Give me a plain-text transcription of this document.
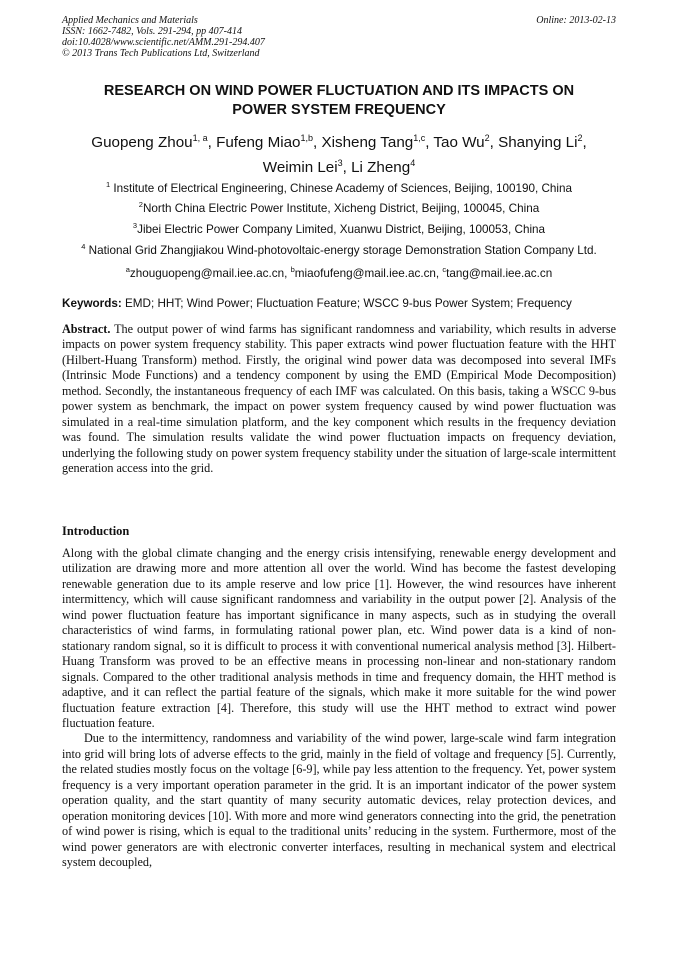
Applied Mechanics and Materials
ISSN: 1662-7482, Vols. 291-294, pp 407-414
doi:10.4028/www.scientific.net/AMM.291-294.407
© 2013 Trans Tech Publications Ltd, Switzerland
Online: 2013-02-13
RESEARCH ON WIND POWER FLUCTUATION AND ITS IMPACTS ON
POWER SYSTEM FREQUENCY
Guopeng Zhou$^{1, a}$, Fufeng Miao$^{1,b}$, Xisheng Tang$^{1,c}$, Tao Wu$^2$, Shanying Li$^2$,
Weimin Lei$^3$, Li Zheng$^4$
$^1$ Institute of Electrical Engineering, Chinese Academy of Sciences, Beijing, 100190, China
$^2$North China Electric Power Institute, Xicheng District, Beijing, 100045, China
$^3$Jibei Electric Power Company Limited, Xuanwu District, Beijing, 100053, China
$^4$ National Grid Zhangjiakou Wind-photovoltaic-energy storage Demonstration Station Company Ltd.
$^a$zhouguopeng@mail.iee.ac.cn, $^b$miaofufeng@mail.iee.ac.cn, $^c$tang@mail.iee.ac.cn
Keywords: EMD; HHT; Wind Power; Fluctuation Feature; WSCC 9-bus Power System; Frequency

Abstract. The output power of wind farms has significant randomness and variability, which results in adverse impacts on power system frequency stability. This paper extracts wind power fluctuation feature with the HHT (Hilbert-Huang Transform) method. Firstly, the original wind power data was decomposed into several IMFs (Intrinsic Mode Functions) and a tendency component by using the EMD (Empirical Mode Decomposition) method. Secondly, the instantaneous frequency of each IMF was calculated. On this basis, taking a WSCC 9-bus power system as benchmark, the impact on power system frequency caused by wind power fluctuation was simulated in a real-time simulation platform, and the key component which results in the frequency deviation was found. The simulation results validate the wind power fluctuation impacts on frequency deviation, underlying the following study on power system frequency stability under the situation of large-scale intermittent generation access into the grid.

Introduction

Along with the global climate changing and the energy crisis intensifying, renewable energy development and utilization are drawing more and more attention all over the world. Wind has become the fastest developing renewable generation due to its ample reserve and low price [1]. However, the wind resources have inherent intermittency, which will cause significant randomness and variability in the output power [2]. Analysis of the wind power fluctuation feature has important significance in many aspects, such as in studying the overall characteristics of wind farms, in formulating rational power plan, etc. Wind power data is a kind of non-stationary random signal, so it is difficult to process it with conventional numerical analysis method [3]. Hilbert-Huang Transform was proved to be an effective means in processing non-linear and non-stationary random signals. Compared to the other traditional analysis methods in time and frequency domain, the HHT method is adaptive, and it can reflect the partial feature of the signals, which make it more suitable for the wind power fluctuation feature extraction [4]. Therefore, this study will use the HHT method to extract wind power fluctuation feature.

Due to the intermittency, randomness and variability of the wind power, large-scale wind farm integration into grid will bring lots of adverse effects to the grid, mainly in the field of voltage and frequency [5]. Currently, the related studies mostly focus on the voltage [6-9], while pay less attention to the frequency. Yet, power system frequency is a very important operation parameter in the grid. It is an important indicator of the power system operation quality, and the start quantity of many security automatic devices, relay protection devices, and operation monitoring devices [10]. With more and more wind generators connecting into the grid, the penetration of wind power is rising, which is equal to the traditional units’ reducing in the system. Furthermore, most of the wind power generators are with electronic converter interfaces, resulting in mechanical system and electrical system decoupled,
